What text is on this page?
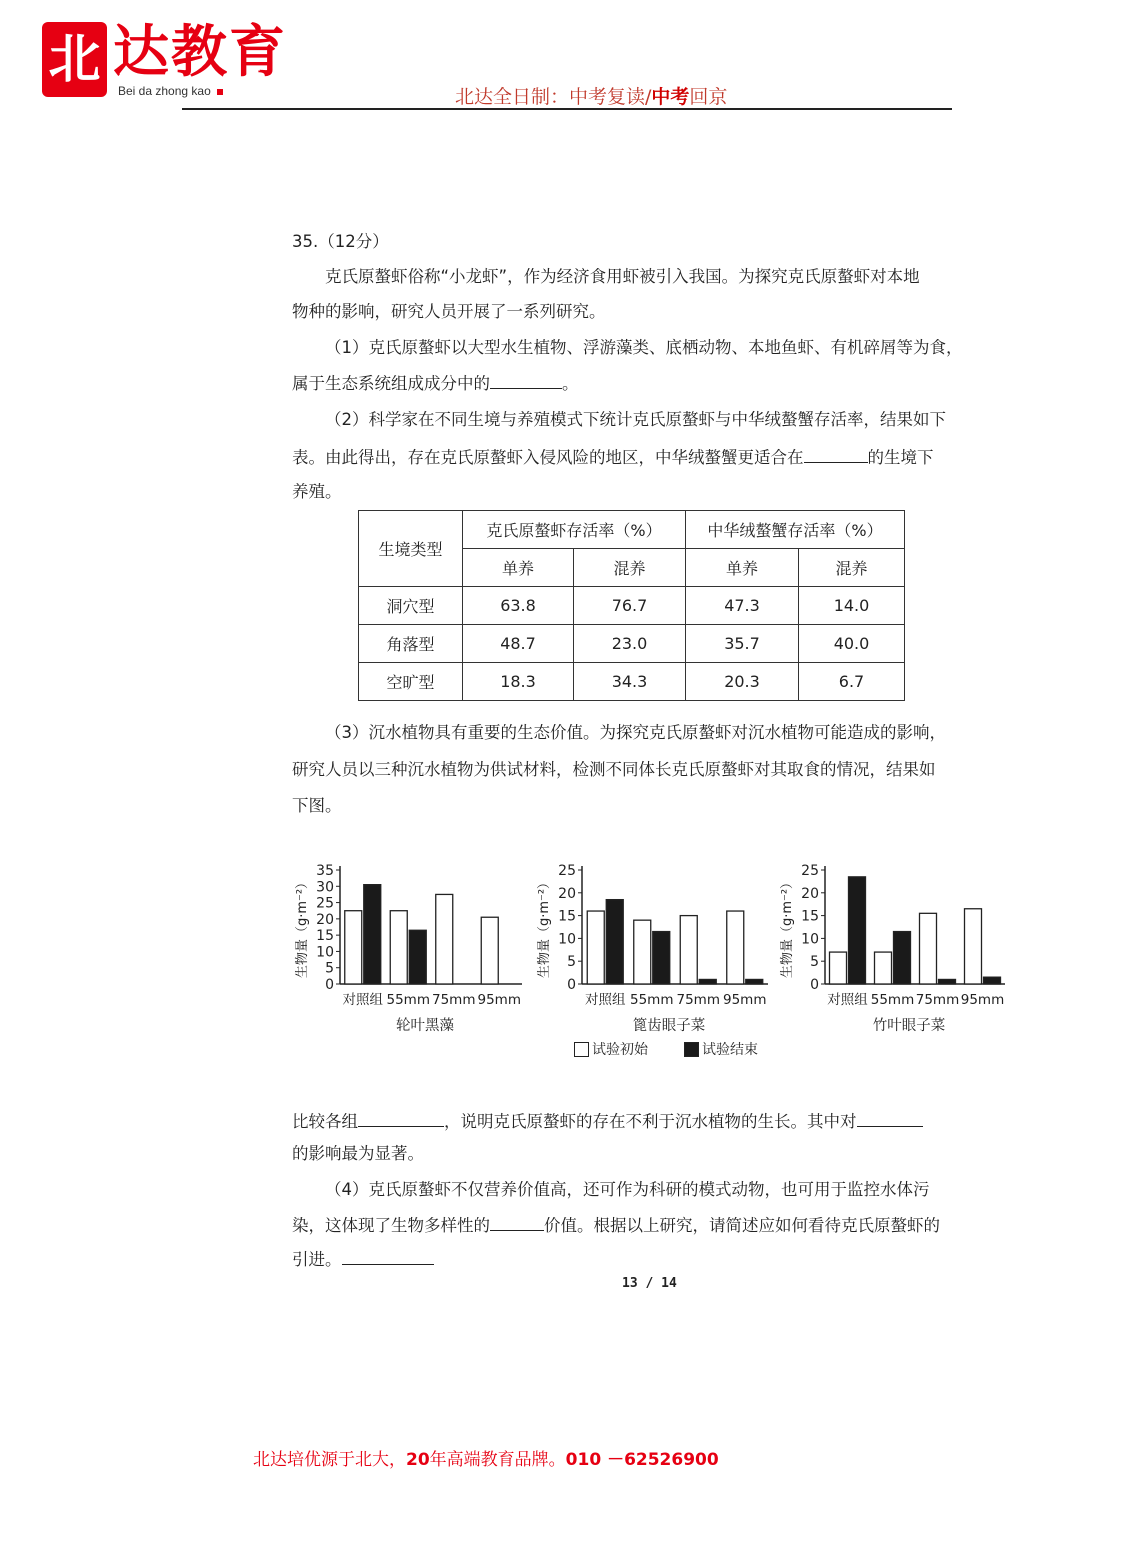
北 达教育
Bei da zhong kao	北达全日制：中考复读/中考回京
35.（12分）
克氏原螯虾俗称“小龙虾”，作为经济食用虾被引入我国。为探究克氏原螯虾对本地
物种的影响，研究人员开展了一系列研究。
（1）克氏原螯虾以大型水生植物、浮游藻类、底栖动物、本地鱼虾、有机碎屑等为食，
属于生态系统组成成分中的	。
（2）科学家在不同生境与养殖模式下统计克氏原螯虾与中华绒螯蟹存活率，结果如下
表。由此得出，存在克氏原螯虾入侵风险的地区，中华绒螯蟹更适合在	的生境下
养殖。
生境类型	克氏原螯虾存活率（%）		中华绒螯蟹存活率（%）	
	单养	混养	单养	混养
洞穴型	63.8	76.7	47.3	14.0
角落型	48.7	23.0	35.7	40.0
空旷型	18.3	34.3	20.3	6.7
（3）沉水植物具有重要的生态价值。为探究克氏原螯虾对沉水植物可能造成的影响，
研究人员以三种沉水植物为供试材料，检测不同体长克氏原螯虾对其取食的情况，结果如
下图。
0
5
10
15
20
25
30
35
生物量（g·m⁻²）
对照组 55mm 75mm 95mm
轮叶黑藻
0
5
10
15
20
25
生物量（g·m⁻²）
对照组 55mm 75mm 95mm
篦齿眼子菜
0
5
10
15
20
25
生物量（g·m⁻²）
对照组 55mm 75mm 95mm
竹叶眼子菜
试验初始	试验结束
比较各组	，说明克氏原螯虾的存在不利于沉水植物的生长。其中对
的影响最为显著。
（4）克氏原螯虾不仅营养价值高，还可作为科研的模式动物，也可用于监控水体污
染，这体现了生物多样性的	价值。根据以上研究，请简述应如何看待克氏原螯虾的
引进。
13 / 14
北达培优源于北大，20年高端教育品牌。010 －62526900
